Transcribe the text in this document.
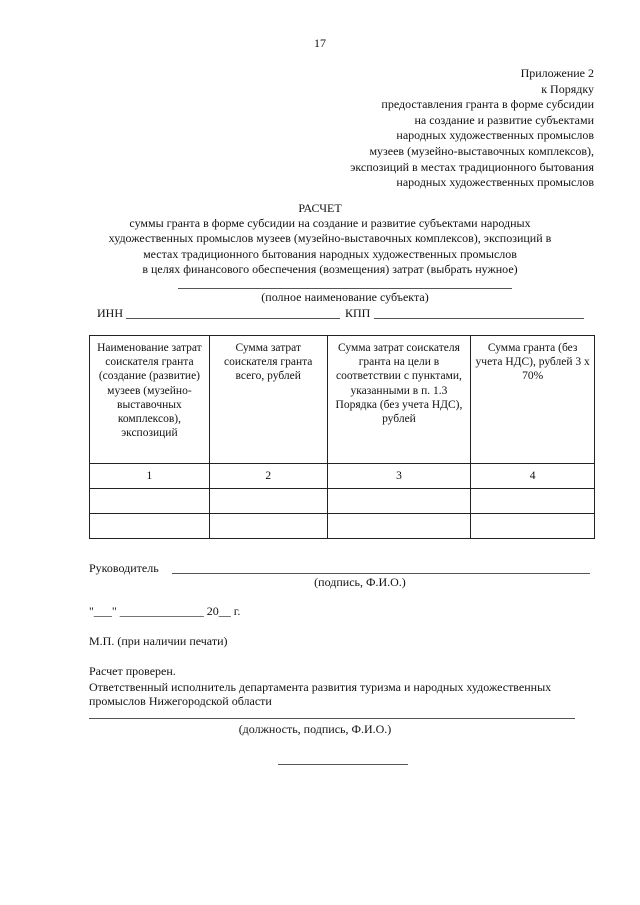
17
Приложение 2
к Порядку
предоставления гранта в форме субсидии
на создание и развитие субъектами
народных художественных промыслов
музеев (музейно-выставочных комплексов),
экспозиций в местах традиционного бытования
народных художественных промыслов
РАСЧЕТ
суммы гранта в форме субсидии на создание и развитие субъектами народных
художественных промыслов музеев (музейно-выставочных комплексов), экспозиций в
местах традиционного бытования народных художественных промыслов
в целях финансового обеспечения (возмещения) затрат (выбрать нужное)
(полное наименование субъекта)
ИНН	КПП
Наименование затрат соискателя гранта (создание (развитие) музеев (музейно-выставочных комплексов), экспозиций	Сумма затрат соискателя гранта всего, рублей	Сумма затрат соискателя гранта на цели в соответствии с пунктами, указанными в п. 1.3 Порядка (без учета НДС), рублей	Сумма гранта (без учета НДС), рублей 3 х 70%
1	2	3	4

Руководитель
(подпись, Ф.И.О.)
"___" ______________ 20__ г.
М.П. (при наличии печати)
Расчет проверен.
Ответственный исполнитель департамента развития туризма и народных художественных
промыслов Нижегородской области
(должность, подпись, Ф.И.О.)
